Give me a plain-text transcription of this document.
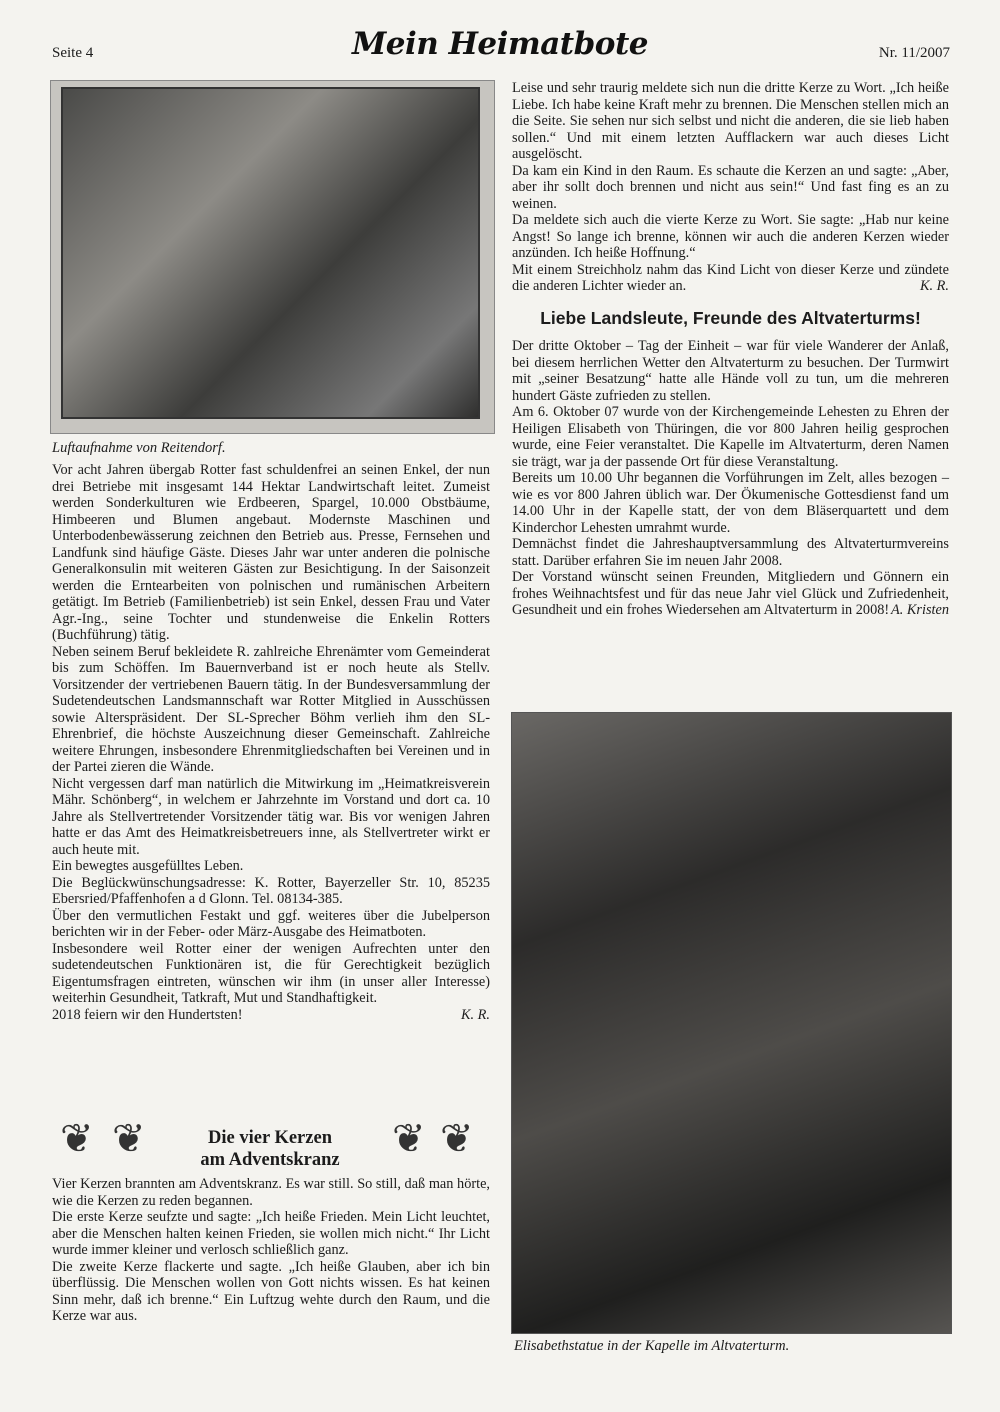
Seite 4	Mein Heimatbote	Nr. 11/2007
Luftaufnahme von Reitendorf.

Vor acht Jahren übergab Rotter fast schuldenfrei an seinen Enkel, der nun drei Betriebe mit insgesamt 144 Hektar Landwirtschaft leitet. Zumeist werden Sonderkulturen wie Erdbeeren, Spargel, 10.000 Obstbäume, Himbeeren und Blumen angebaut. Modernste Maschinen und Unterbodenbewässerung zeichnen den Betrieb aus. Presse, Fernsehen und Landfunk sind häufige Gäste. Dieses Jahr war unter anderen die polnische Generalkonsulin mit weiteren Gästen zur Besichtigung. In der Saisonzeit werden die Erntearbeiten von polnischen und rumänischen Arbeitern getätigt. Im Betrieb (Familienbetrieb) ist sein Enkel, dessen Frau und Vater Agr.-Ing., seine Tochter und stundenweise die Enkelin Rotters (Buchführung) tätig.

Neben seinem Beruf bekleidete R. zahlreiche Ehrenämter vom Gemeinderat bis zum Schöffen. Im Bauernverband ist er noch heute als Stellv. Vorsitzender der vertriebenen Bauern tätig. In der Bundesversammlung der Sudetendeutschen Landsmannschaft war Rotter Mitglied in Ausschüssen sowie Alterspräsident. Der SL-Sprecher Böhm verlieh ihm den SL-Ehrenbrief, die höchste Auszeichnung dieser Gemeinschaft. Zahlreiche weitere Ehrungen, insbesondere Ehrenmitgliedschaften bei Vereinen und in der Partei zieren die Wände.

Nicht vergessen darf man natürlich die Mitwirkung im „Heimatkreisverein Mähr. Schönberg“, in welchem er Jahrzehnte im Vorstand und dort ca. 10 Jahre als Stellvertretender Vorsitzender tätig war. Bis vor wenigen Jahren hatte er das Amt des Heimatkreisbetreuers inne, als Stellvertreter wirkt er auch heute mit.

Ein bewegtes ausgefülltes Leben.

Die Beglückwünschungsadresse: K. Rotter, Bayerzeller Str. 10, 85235 Ebersried/Pfaffenhofen a d Glonn. Tel. 08134-385.

Über den vermutlichen Festakt und ggf. weiteres über die Jubelperson berichten wir in der Feber- oder März-Ausgabe des Heimatboten.

Insbesondere weil Rotter einer der wenigen Aufrechten unter den sudetendeutschen Funktionären ist, die für Gerechtigkeit bezüglich Eigentumsfragen eintreten, wünschen wir ihm (in unser aller Interesse) weiterhin Gesundheit, Tatkraft, Mut und Standhaftigkeit.

2018 feiern wir den Hundertsten!	K. R.

❦ ❦	❦ ❦
Die vier Kerzen
am Adventskranz

Vier Kerzen brannten am Adventskranz. Es war still. So still, daß man hörte, wie die Kerzen zu reden begannen.

Die erste Kerze seufzte und sagte: „Ich heiße Frieden. Mein Licht leuchtet, aber die Menschen halten keinen Frieden, sie wollen mich nicht.“ Ihr Licht wurde immer kleiner und verlosch schließlich ganz.

Die zweite Kerze flackerte und sagte. „Ich heiße Glauben, aber ich bin überflüssig. Die Menschen wollen von Gott nichts wissen. Es hat keinen Sinn mehr, daß ich brenne.“ Ein Luftzug wehte durch den Raum, und die Kerze war aus.

Leise und sehr traurig meldete sich nun die dritte Kerze zu Wort. „Ich heiße Liebe. Ich habe keine Kraft mehr zu brennen. Die Menschen stellen mich an die Seite. Sie sehen nur sich selbst und nicht die anderen, die sie lieb haben sollen.“ Und mit einem letzten Aufflackern war auch dieses Licht ausgelöscht.

Da kam ein Kind in den Raum. Es schaute die Kerzen an und sagte: „Aber, aber ihr sollt doch brennen und nicht aus sein!“ Und fast fing es an zu weinen.

Da meldete sich auch die vierte Kerze zu Wort. Sie sagte: „Hab nur keine Angst! So lange ich brenne, können wir auch die anderen Kerzen wieder anzünden. Ich heiße Hoffnung.“

Mit einem Streichholz nahm das Kind Licht von dieser Kerze und zündete die anderen Lichter wieder an.	K. R.

Liebe Landsleute, Freunde des Altvaterturms!

Der dritte Oktober – Tag der Einheit – war für viele Wanderer der Anlaß, bei diesem herrlichen Wetter den Altvaterturm zu besuchen. Der Turmwirt mit „seiner Besatzung“ hatte alle Hände voll zu tun, um die mehreren hundert Gäste zufrieden zu stellen.

Am 6. Oktober 07 wurde von der Kirchengemeinde Lehesten zu Ehren der Heiligen Elisabeth von Thüringen, die vor 800 Jahren heilig gesprochen wurde, eine Feier veranstaltet. Die Kapelle im Altvaterturm, deren Namen sie trägt, war ja der passende Ort für diese Veranstaltung.

Bereits um 10.00 Uhr begannen die Vorführungen im Zelt, alles bezogen – wie es vor 800 Jahren üblich war. Der Ökumenische Gottesdienst fand um 14.00 Uhr in der Kapelle statt, der von dem Bläserquartett und dem Kinderchor Lehesten umrahmt wurde.

Demnächst findet die Jahreshauptversammlung des Altvaterturmvereins statt. Darüber erfahren Sie im neuen Jahr 2008.

Der Vorstand wünscht seinen Freunden, Mitgliedern und Gönnern ein frohes Weihnachtsfest und für das neue Jahr viel Glück und Zufriedenheit, Gesundheit und ein frohes Wiedersehen am Altvaterturm in 2008! A. Kristen

Elisabethstatue in der Kapelle im Altvaterturm.
